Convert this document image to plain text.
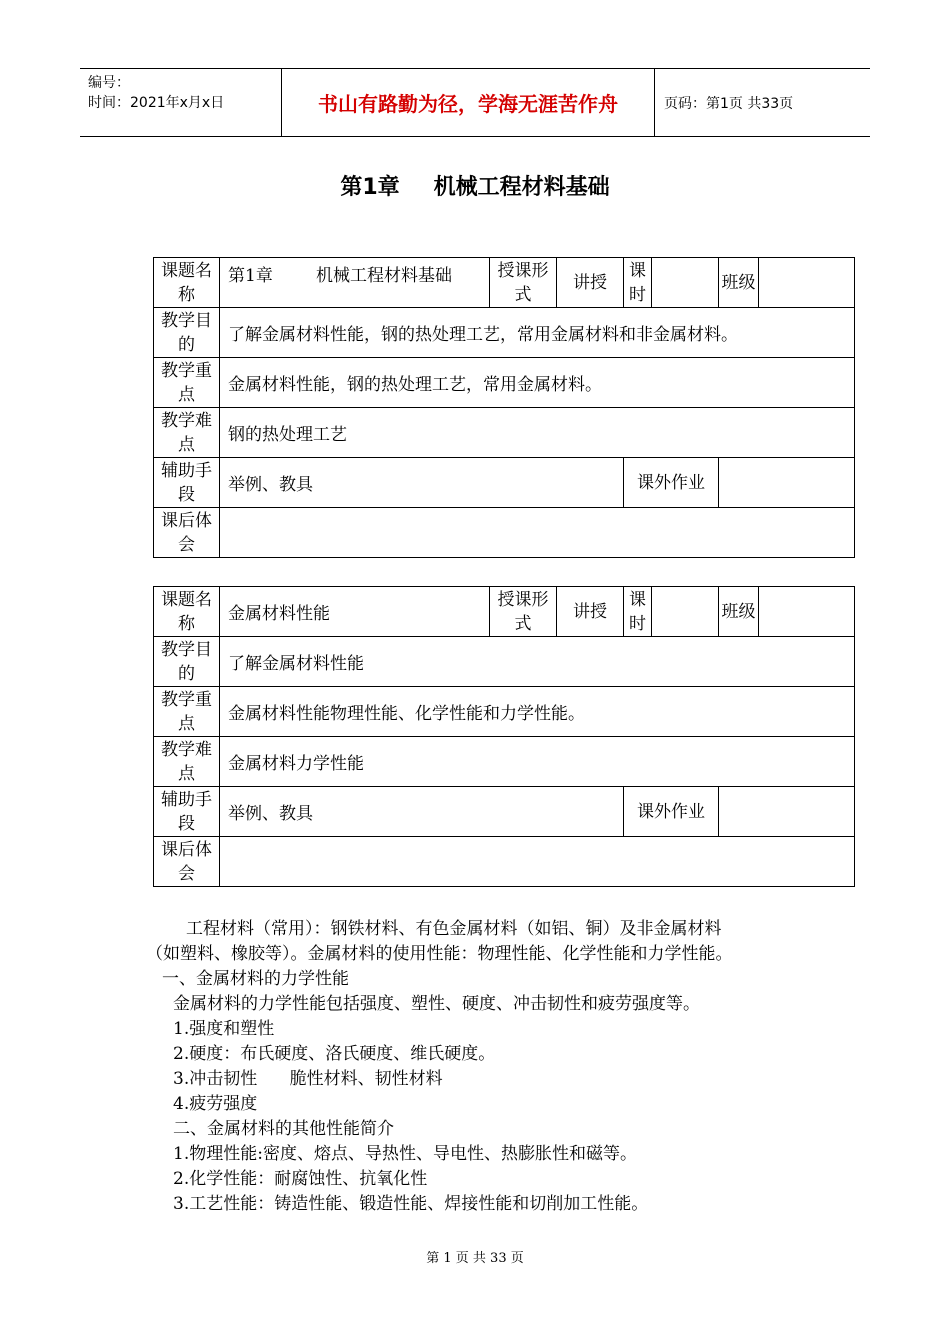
编号：
时间：2021年x月x日	书山有路勤为径，学海无涯苦作舟	页码：第1页 共33页
第1章 机械工程材料基础
课题名称	第1章        机械工程材料基础	授课形式	讲授	课时		班级	
教学目的	了解金属材料性能，钢的热处理工艺，常用金属材料和非金属材料。						
教学重点	金属材料性能，钢的热处理工艺，常用金属材料。						
教学难点	钢的热处理工艺						
辅助手段	举例、教具			课外作业			
课后体会							
课题名称	金属材料性能	授课形式	讲授	课时		班级	
教学目的	了解金属材料性能						
教学重点	金属材料性能物理性能、化学性能和力学性能。						
教学难点	金属材料力学性能						
辅助手段	举例、教具			课外作业			
课后体会							
工程材料（常用）：钢铁材料、有色金属材料（如铝、铜）及非金属材料
（如塑料、橡胶等）。金属材料的使用性能：物理性能、化学性能和力学性能。
一、金属材料的力学性能
金属材料的力学性能包括强度、塑性、硬度、冲击韧性和疲劳强度等。
1.强度和塑性
2.硬度：布氏硬度、洛氏硬度、维氏硬度。
3.冲击韧性      脆性材料、韧性材料
4.疲劳强度
二、金属材料的其他性能简介
1.物理性能:密度、熔点、导热性、导电性、热膨胀性和磁等。
2.化学性能：耐腐蚀性、抗氧化性
3.工艺性能：铸造性能、锻造性能、焊接性能和切削加工性能。
第 1 页 共 33 页
